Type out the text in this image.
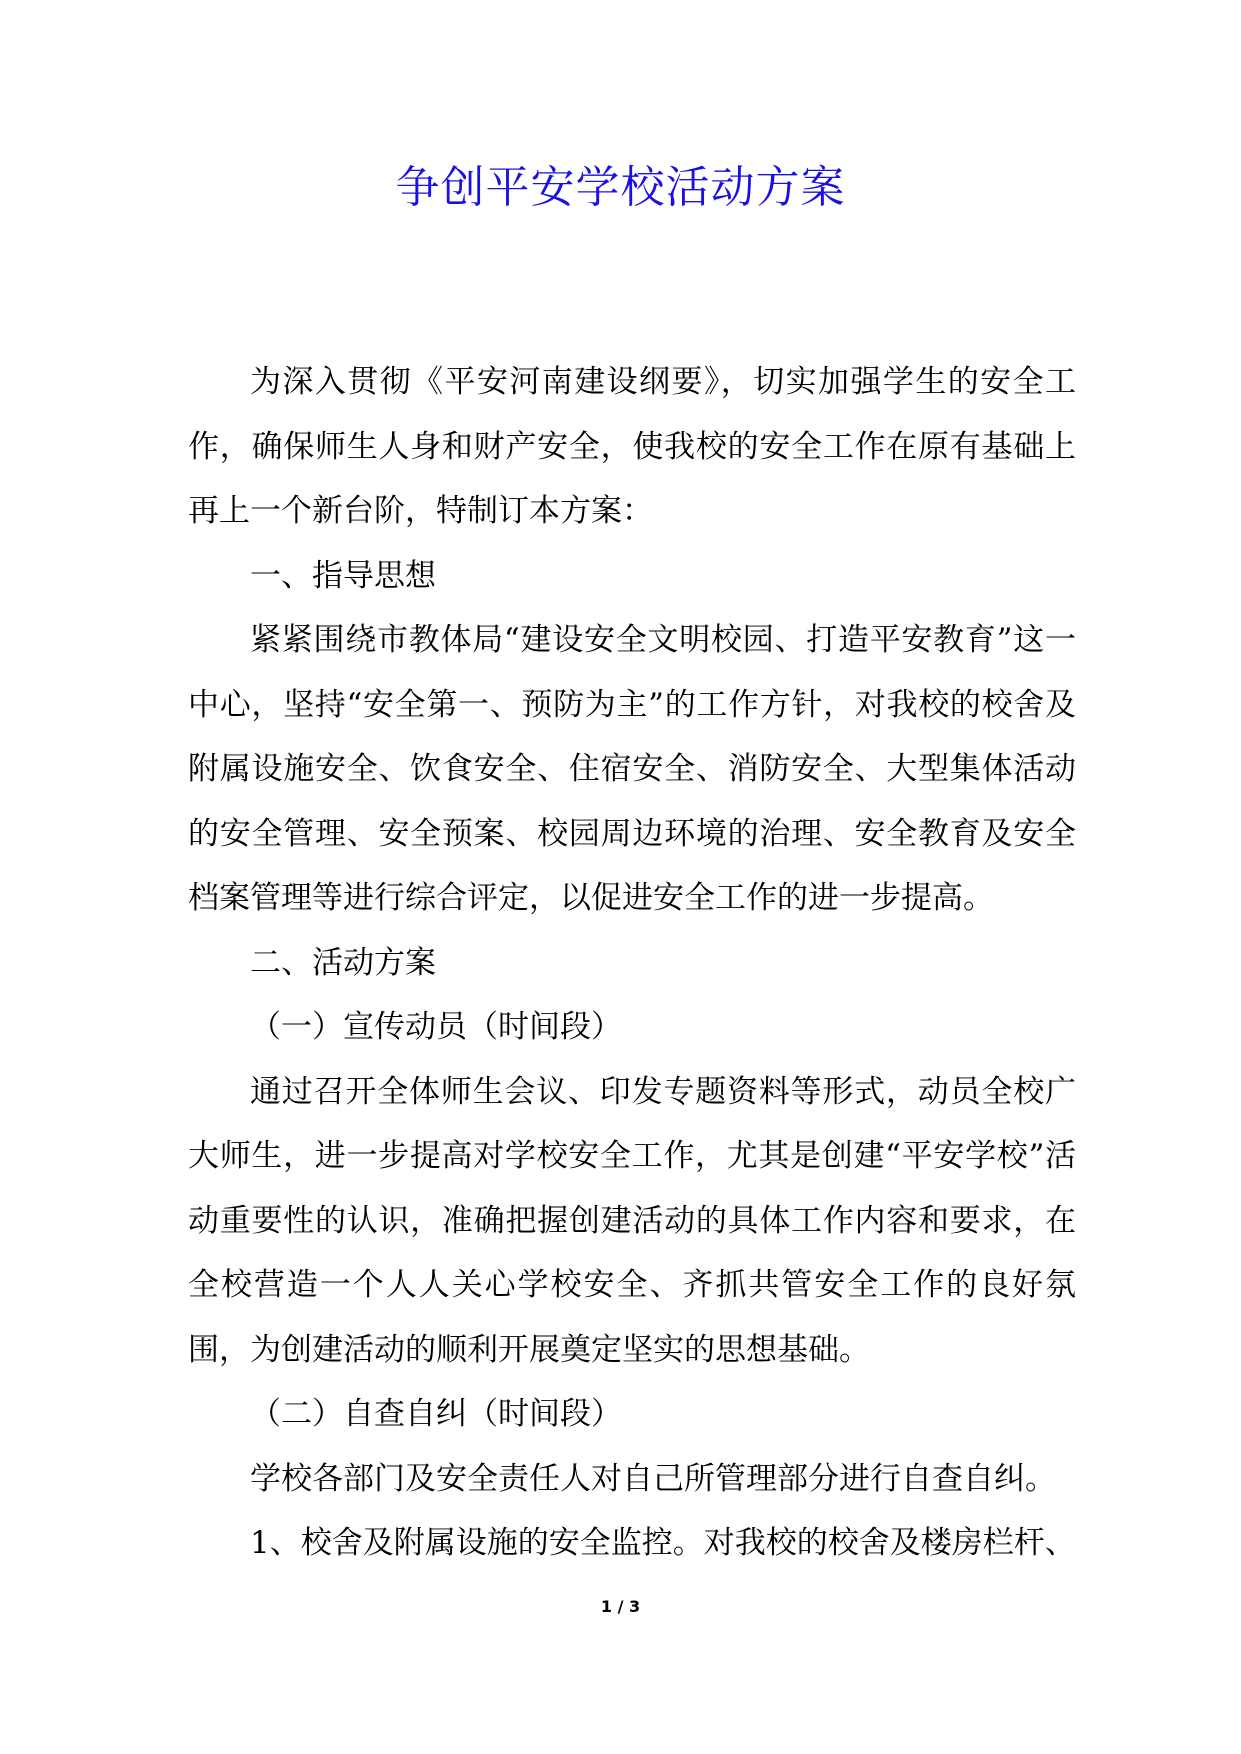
争创平安学校活动方案

为深入贯彻《平安河南建设纲要》，切实加强学生的安全工作，确保师生人身和财产安全，使我校的安全工作在原有基础上再上一个新台阶，特制订本方案：

一、指导思想

紧紧围绕市教体局“建设安全文明校园、打造平安教育”这一中心，坚持“安全第一、预防为主”的工作方针，对我校的校舍及附属设施安全、饮食安全、住宿安全、消防安全、大型集体活动的安全管理、安全预案、校园周边环境的治理、安全教育及安全档案管理等进行综合评定，以促进安全工作的进一步提高。

二、活动方案

（一）宣传动员（时间段）

通过召开全体师生会议、印发专题资料等形式，动员全校广大师生，进一步提高对学校安全工作，尤其是创建“平安学校”活动重要性的认识，准确把握创建活动的具体工作内容和要求，在全校营造一个人人关心学校安全、齐抓共管安全工作的良好氛围，为创建活动的顺利开展奠定坚实的思想基础。

（二）自查自纠（时间段）

学校各部门及安全责任人对自己所管理部分进行自查自纠。

1、校舍及附属设施的安全监控。对我校的校舍及楼房栏杆、

1 / 3
